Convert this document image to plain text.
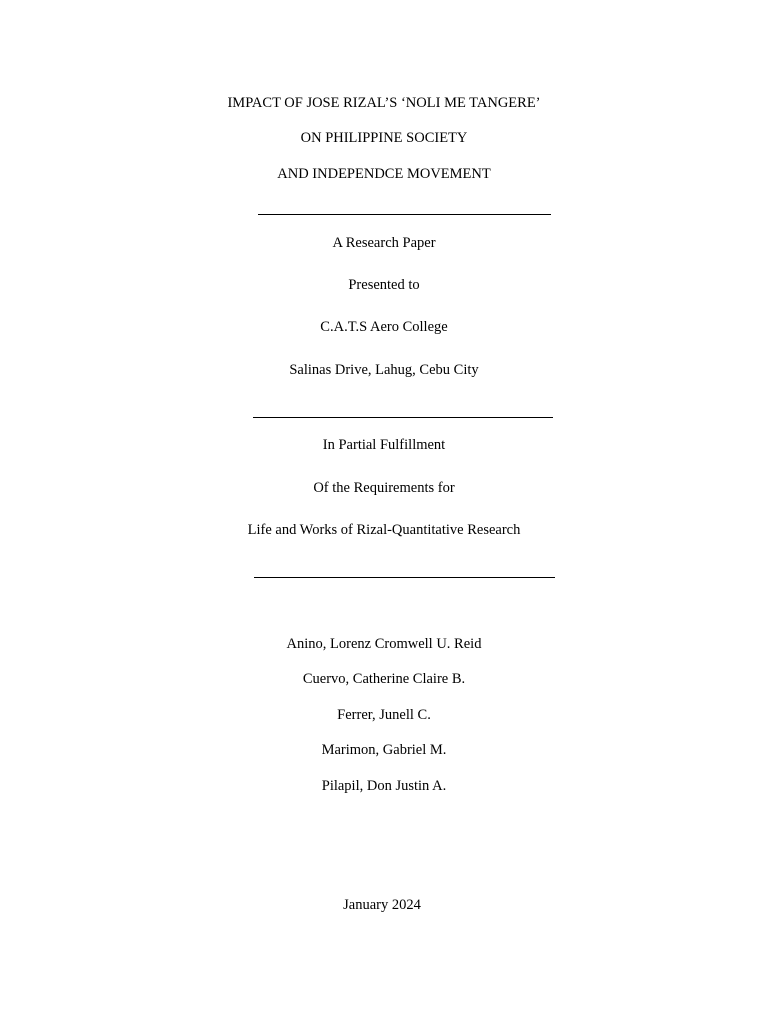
IMPACT OF JOSE RIZAL’S ‘NOLI ME TANGERE’
ON PHILIPPINE SOCIETY
AND INDEPENDCE MOVEMENT
A Research Paper
Presented to
C.A.T.S Aero College
Salinas Drive, Lahug, Cebu City
In Partial Fulfillment
Of the Requirements for
Life and Works of Rizal-Quantitative Research
Anino, Lorenz Cromwell U. Reid
Cuervo, Catherine Claire B.
Ferrer, Junell C.
Marimon, Gabriel M.
Pilapil, Don Justin A.
January 2024
